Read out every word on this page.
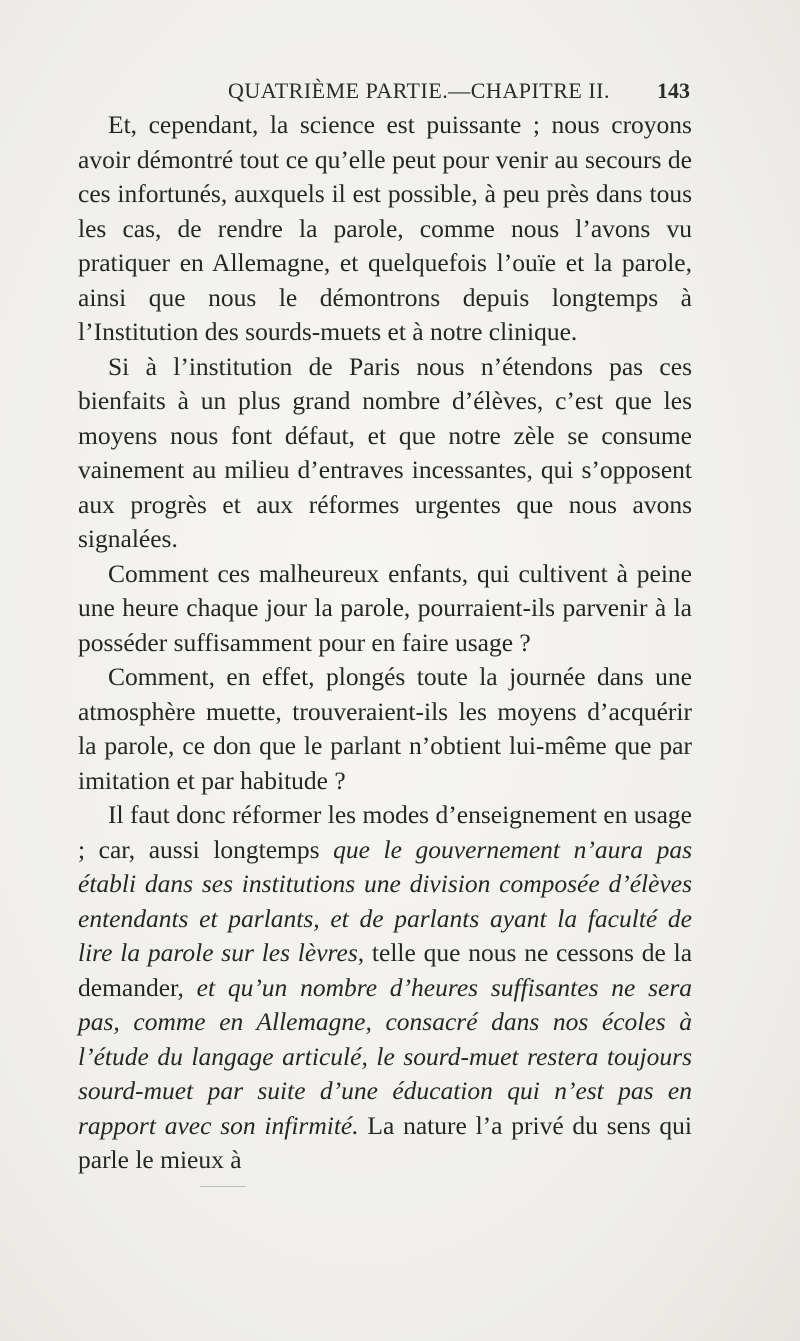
QUATRIÈME PARTIE.—CHAPITRE II. 143

Et, cependant, la science est puissante ; nous croyons avoir démontré tout ce qu’elle peut pour venir au secours de ces infortunés, auxquels il est possible, à peu près dans tous les cas, de rendre la parole, comme nous l’avons vu pratiquer en Allemagne, et quelquefois l’ouïe et la parole, ainsi que nous le démontrons depuis longtemps à l’Institution des sourds-muets et à notre clinique.

Si à l’institution de Paris nous n’étendons pas ces bienfaits à un plus grand nombre d’élèves, c’est que les moyens nous font défaut, et que notre zèle se consume vainement au milieu d’entraves incessantes, qui s’opposent aux progrès et aux réformes urgentes que nous avons signalées.

Comment ces malheureux enfants, qui cultivent à peine une heure chaque jour la parole, pourraient-ils parvenir à la posséder suffisamment pour en faire usage ?

Comment, en effet, plongés toute la journée dans une atmosphère muette, trouveraient-ils les moyens d’acquérir la parole, ce don que le parlant n’obtient lui-même que par imitation et par habitude ?

Il faut donc réformer les modes d’enseignement en usage ; car, aussi longtemps que le gouvernement n’aura pas établi dans ses institutions une division composée d’élèves entendants et parlants, et de parlants ayant la faculté de lire la parole sur les lèvres, telle que nous ne cessons de la demander, et qu’un nombre d’heures suffisantes ne sera pas, comme en Allemagne, consacré dans nos écoles à l’étude du langage articulé, le sourd-muet restera toujours sourd-muet par suite d’une éducation qui n’est pas en rapport avec son infirmité. La nature l’a privé du sens qui parle le mieux à
